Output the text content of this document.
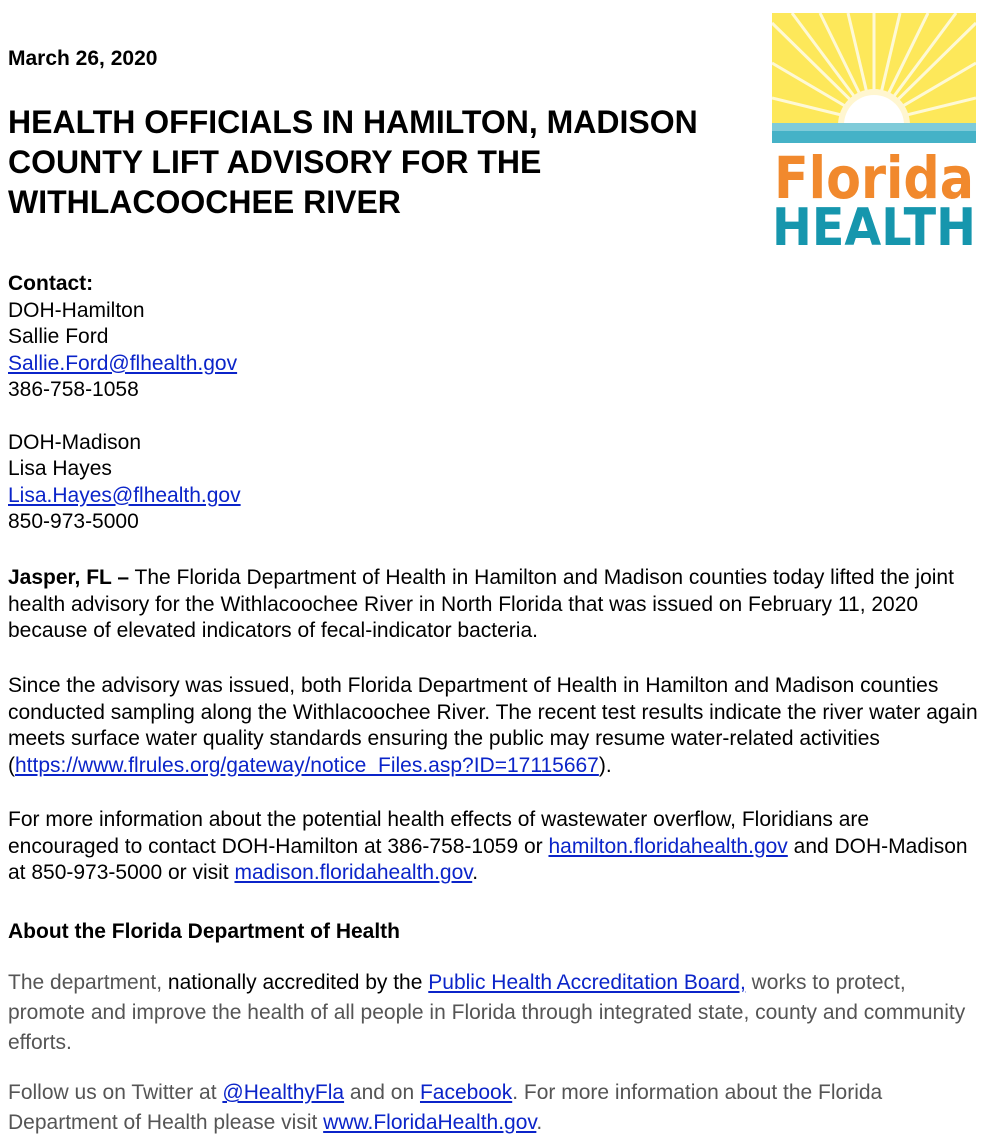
March 26, 2020
HEALTH OFFICIALS IN HAMILTON, MADISON COUNTY LIFT ADVISORY FOR THE WITHLACOOCHEE RIVER	Florida
HEALTH
Contact:
DOH-Hamilton
Sallie Ford
Sallie.Ford@flhealth.gov
386-758-1058
DOH-Madison
Lisa Hayes
Lisa.Hayes@flhealth.gov
850-973-5000

Jasper, FL – The Florida Department of Health in Hamilton and Madison counties today lifted the joint health advisory for the Withlacoochee River in North Florida that was issued on February 11, 2020 because of elevated indicators of fecal-indicator bacteria.

Since the advisory was issued, both Florida Department of Health in Hamilton and Madison counties conducted sampling along the Withlacoochee River. The recent test results indicate the river water again meets surface water quality standards ensuring the public may resume water-related activities (https://www.flrules.org/gateway/notice_Files.asp?ID=17115667).

For more information about the potential health effects of wastewater overflow, Floridians are encouraged to contact DOH-Hamilton at 386-758-1059 or hamilton.floridahealth.gov and DOH-Madison at 850-973-5000 or visit madison.floridahealth.gov.

About the Florida Department of Health

The department, nationally accredited by the Public Health Accreditation Board, works to protect, promote and improve the health of all people in Florida through integrated state, county and community efforts.

Follow us on Twitter at @HealthyFla and on Facebook. For more information about the Florida Department of Health please visit www.FloridaHealth.gov.
